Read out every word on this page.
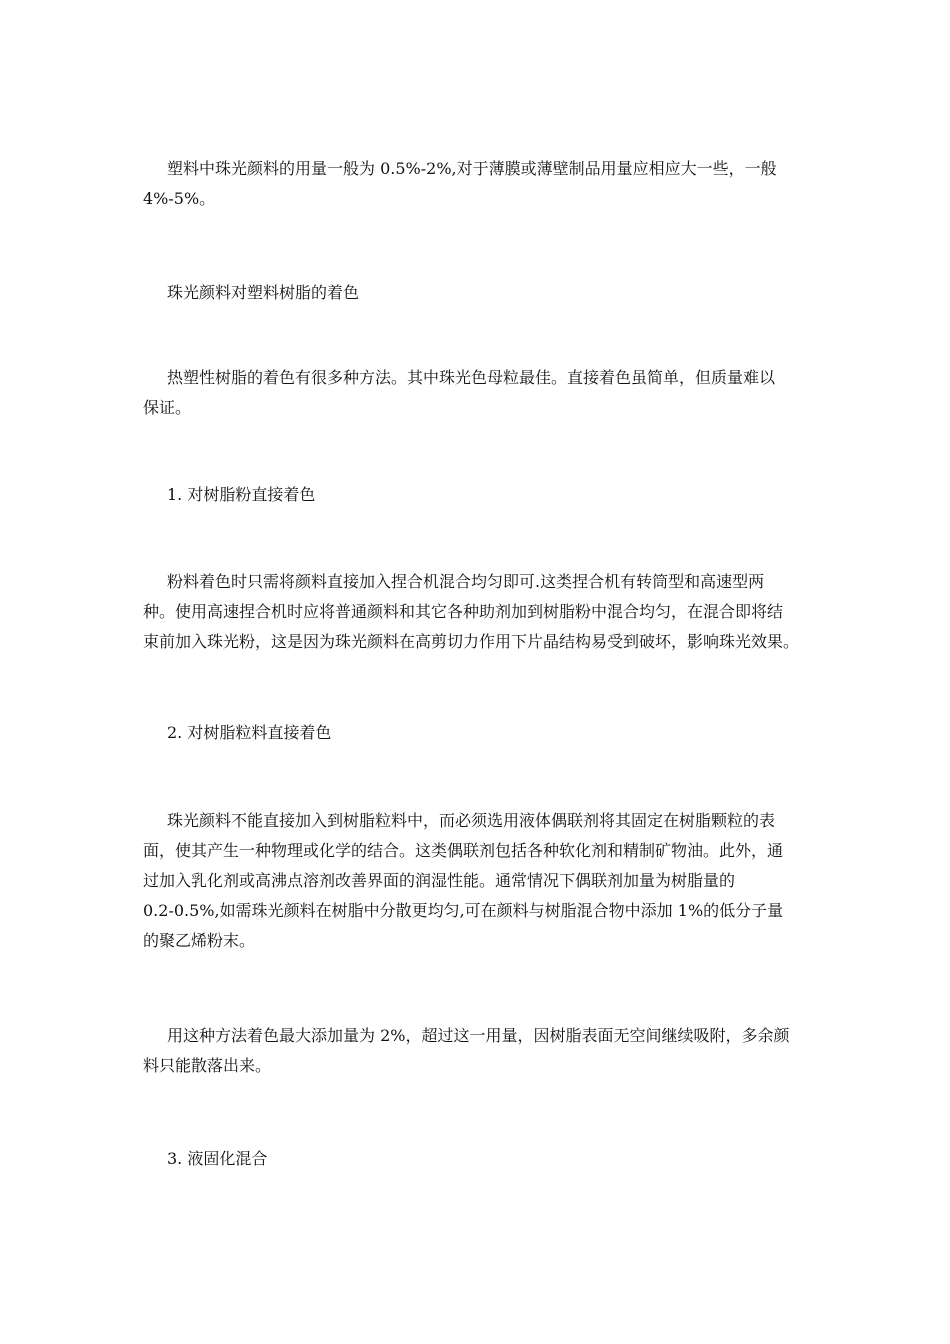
塑料中珠光颜料的用量一般为 0.5%-2%,对于薄膜或薄壁制品用量应相应大一些，一般
4%-5%。

珠光颜料对塑料树脂的着色

热塑性树脂的着色有很多种方法。其中珠光色母粒最佳。直接着色虽简单，但质量难以
保证。

1. 对树脂粉直接着色

粉料着色时只需将颜料直接加入捏合机混合均匀即可.这类捏合机有转筒型和高速型两
种。使用高速捏合机时应将普通颜料和其它各种助剂加到树脂粉中混合均匀，在混合即将结
束前加入珠光粉，这是因为珠光颜料在高剪切力作用下片晶结构易受到破坏，影响珠光效果。

2. 对树脂粒料直接着色

珠光颜料不能直接加入到树脂粒料中，而必须选用液体偶联剂将其固定在树脂颗粒的表
面，使其产生一种物理或化学的结合。这类偶联剂包括各种软化剂和精制矿物油。此外，通
过加入乳化剂或高沸点溶剂改善界面的润湿性能。通常情况下偶联剂加量为树脂量的
0.2-0.5%,如需珠光颜料在树脂中分散更均匀,可在颜料与树脂混合物中添加 1%的低分子量
的聚乙烯粉末。

用这种方法着色最大添加量为 2%，超过这一用量，因树脂表面无空间继续吸附，多余颜
料只能散落出来。

3. 液固化混合
